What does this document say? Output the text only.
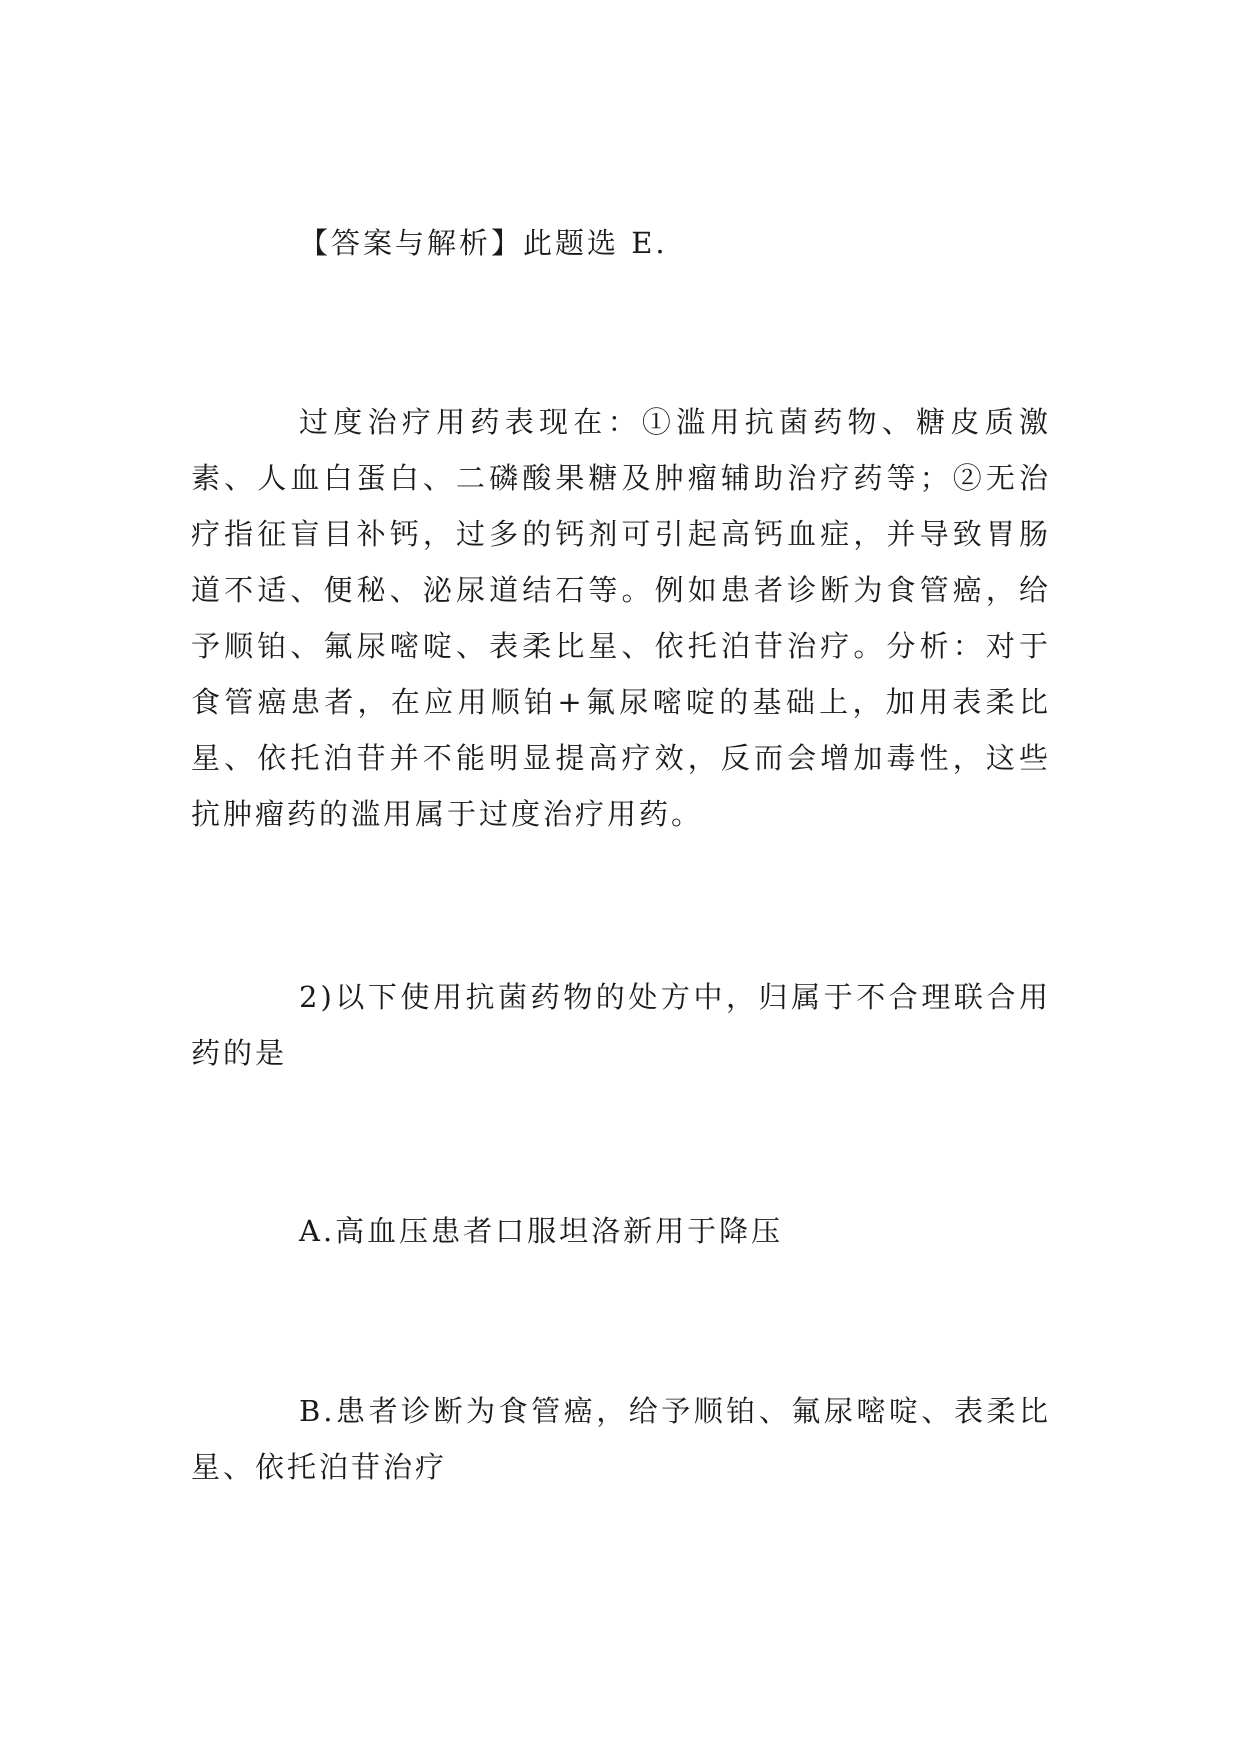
【答案与解析】此题选 E.

过度治疗用药表现在：①滥用抗菌药物、糖皮质激素、人血白蛋白、二磷酸果糖及肿瘤辅助治疗药等；②无治疗指征盲目补钙，过多的钙剂可引起高钙血症，并导致胃肠道不适、便秘、泌尿道结石等。例如患者诊断为食管癌，给予顺铂、氟尿嘧啶、表柔比星、依托泊苷治疗。分析：对于食管癌患者，在应用顺铂+氟尿嘧啶的基础上，加用表柔比星、依托泊苷并不能明显提高疗效，反而会增加毒性，这些抗肿瘤药的滥用属于过度治疗用药。

2)以下使用抗菌药物的处方中，归属于不合理联合用药的是

A.高血压患者口服坦洛新用于降压

B.患者诊断为食管癌，给予顺铂、氟尿嘧啶、表柔比星、依托泊苷治疗
